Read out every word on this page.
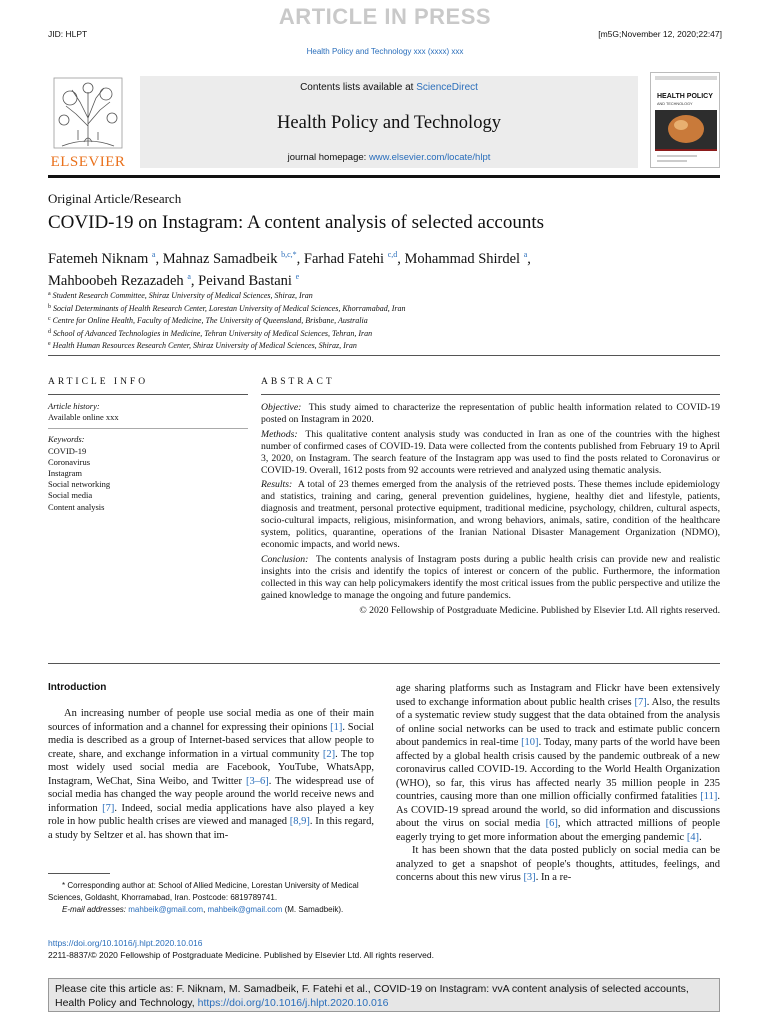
ARTICLE IN PRESS
JID: HLPT	[m5G;November 12, 2020;22:47]
Health Policy and Technology xxx (xxxx) xxx
ELSEVIER
Contents lists available at ScienceDirect
Health Policy and Technology
journal homepage: www.elsevier.com/locate/hlpt
HEALTH POLICY
AND TECHNOLOGY
Original Article/Research
COVID-19 on Instagram: A content analysis of selected accounts
Fatemeh Niknam $^a$, Mahnaz Samadbeik $^{b,c,*}$, Farhad Fatehi $^{c,d}$, Mohammad Shirdel $^a$,
Mahboobeh Rezazadeh $^a$, Peivand Bastani $^e$
$^a$ Student Research Committee, Shiraz University of Medical Sciences, Shiraz, Iran
$^b$ Social Determinants of Health Research Center, Lorestan University of Medical Sciences, Khorramabad, Iran
$^c$ Centre for Online Health, Faculty of Medicine, The University of Queensland, Brisbane, Australia
$^d$ School of Advanced Technologies in Medicine, Tehran University of Medical Sciences, Tehran, Iran
$^e$ Health Human Resources Research Center, Shiraz University of Medical Sciences, Shiraz, Iran
ARTICLE INFO	ABSTRACT
Article history:
Available online xxx
Keywords:
COVID-19
Coronavirus
Instagram
Social networking
Social media
Content analysis

Objective: This study aimed to characterize the representation of public health information related to COVID-19 posted on Instagram in 2020.

Methods: This qualitative content analysis study was conducted in Iran as one of the countries with the highest number of confirmed cases of COVID-19. Data were collected from the contents published from February 19 to April 3, 2020, on Instagram. The search feature of the Instagram app was used to find the posts related to Coronavirus or COVID-19. Overall, 1612 posts from 92 accounts were retrieved and analyzed using thematic analysis.

Results: A total of 23 themes emerged from the analysis of the retrieved posts. These themes include epidemiology and statistics, training and caring, general prevention guidelines, hygiene, healthy diet and lifestyle, patients, diagnosis and treatment, personal protective equipment, traditional medicine, psychology, children, cultural aspects, socio-cultural impacts, religious, misinformation, and wrong behaviors, animals, satire, condition of the healthcare system, politics, quarantine, operations of the Iranian National Disaster Management Organization (NDMO), economic impacts, and world news.

Conclusion: The contents analysis of Instagram posts during a public health crisis can provide new and realistic insights into the crisis and identify the topics of interest or concern of the public. Furthermore, the information collected in this way can help policymakers identify the most critical issues from the public perspective and utilize the gained knowledge to manage the ongoing and future pandemics.

© 2020 Fellowship of Postgraduate Medicine. Published by Elsevier Ltd. All rights reserved.
Introduction
An increasing number of people use social media as one of their main sources of information and a channel for expressing their opinions [1]. Social media is described as a group of Internet-based services that allow people to create, share, and exchange information in a virtual community [2]. The top most widely used social media are Facebook, YouTube, WhatsApp, Instagram, WeChat, Sina Weibo, and Twitter [3–6]. The widespread use of social media has changed the way people around the world receive news and information [7]. Indeed, social media applications have also played a key role in how public health crises are viewed and managed [8,9]. In this regard, a study by Seltzer et al. has shown that im-

age sharing platforms such as Instagram and Flickr have been extensively used to exchange information about public health crises [7]. Also, the results of a systematic review study suggest that the data obtained from the analysis of online social networks can be used to track and estimate public concern about pandemics in real-time [10]. Today, many parts of the world have been affected by a global health crisis caused by the pandemic outbreak of a new coronavirus called COVID-19. According to the World Health Organization (WHO), so far, this virus has affected nearly 35 million people in 235 countries, causing more than one million officially confirmed fatalities [11]. As COVID-19 spread around the world, so did information and discussions about the virus on social media [6], which attracted millions of people eagerly trying to get more information about the emerging pandemic [4].

It has been shown that the data posted publicly on social media can be analyzed to get a snapshot of people's thoughts, attitudes, feelings, and concerns about this new virus [3]. In a re-

* Corresponding author at: School of Allied Medicine, Lorestan University of Medical Sciences, Goldasht, Khorramabad, Iran. Postcode: 6819789741.
E-mail addresses: mahbeik@gmail.com, mahbeik@gmail.com (M. Samadbeik).
https://doi.org/10.1016/j.hlpt.2020.10.016
2211-8837/© 2020 Fellowship of Postgraduate Medicine. Published by Elsevier Ltd. All rights reserved.
Please cite this article as: F. Niknam, M. Samadbeik, F. Fatehi et al., COVID-19 on Instagram: vvA content analysis of selected accounts, Health Policy and Technology, https://doi.org/10.1016/j.hlpt.2020.10.016
